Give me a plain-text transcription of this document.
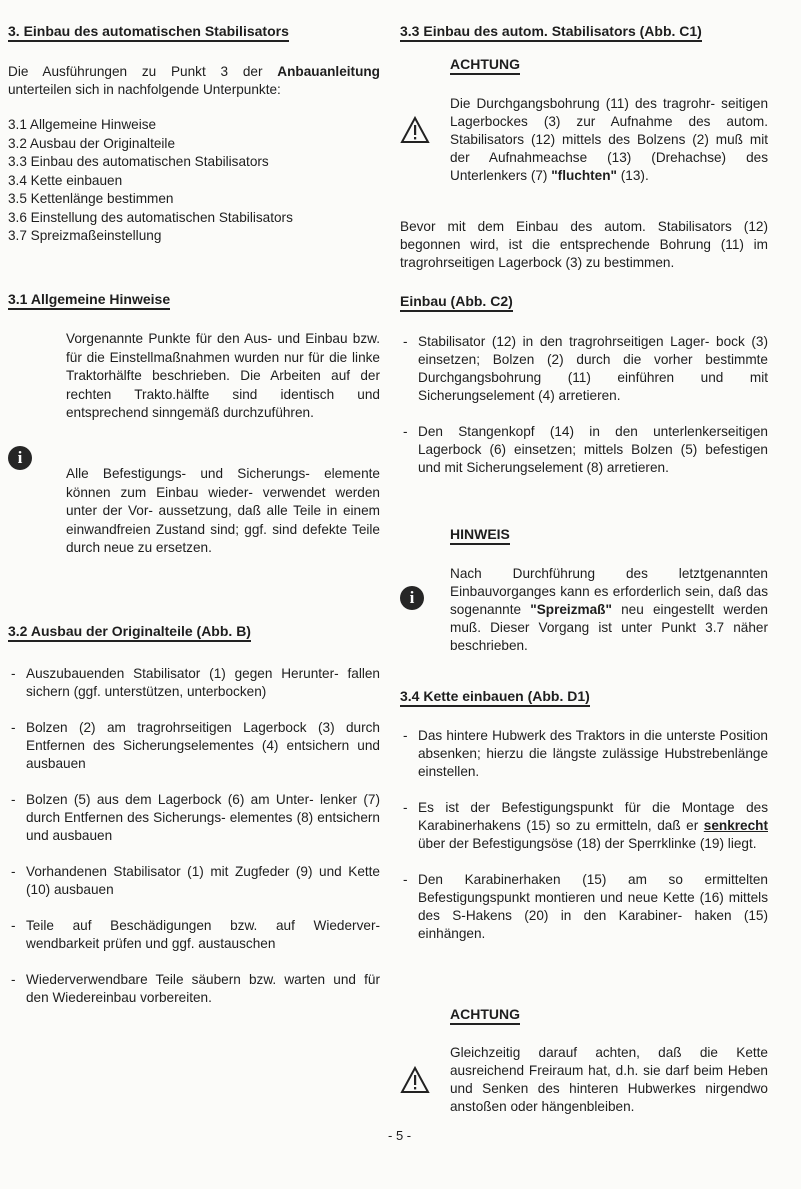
3. Einbau des automatischen Stabilisators

Die Ausführungen zu Punkt 3 der Anbauanleitung unterteilen sich in nachfolgende Unterpunkte:

3.1 Allgemeine Hinweise

3.2 Ausbau der Originalteile

3.3 Einbau des automatischen Stabilisators

3.4 Kette einbauen

3.5 Kettenlänge bestimmen

3.6 Einstellung des automatischen Stabilisators

3.7 Spreizmaßeinstellung

3.1 Allgemeine Hinweise

Vorgenannte Punkte für den Aus- und Einbau bzw. für die Einstellmaßnahmen wurden nur für die linke Traktorhälfte beschrieben. Die Arbeiten auf der rechten Trakto.hälfte sind identisch und entsprechend sinngemäß durchzuführen.

i

Alle Befestigungs- und Sicherungs- elemente können zum Einbau wieder- verwendet werden unter der Vor- aussetzung, daß alle Teile in einem einwandfreien Zustand sind; ggf. sind defekte Teile durch neue zu ersetzen.

3.2 Ausbau der Originalteile (Abb. B)

- Auszubauenden Stabilisator (1) gegen Herunter- fallen sichern (ggf. unterstützen, unterbocken)

- Bolzen (2) am tragrohrseitigen Lagerbock (3) durch Entfernen des Sicherungselementes (4) entsichern und ausbauen

- Bolzen (5) aus dem Lagerbock (6) am Unter- lenker (7) durch Entfernen des Sicherungs- elementes (8) entsichern und ausbauen

- Vorhandenen Stabilisator (1) mit Zugfeder (9) und Kette (10) ausbauen

- Teile auf Beschädigungen bzw. auf Wiederver- wendbarkeit prüfen und ggf. austauschen

- Wiederverwendbare Teile säubern bzw. warten und für den Wiedereinbau vorbereiten.

3.3 Einbau des autom. Stabilisators (Abb. C1)
ACHTUNG

Die Durchgangsbohrung (11) des tragrohr- seitigen Lagerbockes (3) zur Aufnahme des autom. Stabilisators (12) mittels des Bolzens (2) muß mit der Aufnahmeachse (13) (Drehachse) des Unterlenkers (7) "fluchten" (13).

Bevor mit dem Einbau des autom. Stabilisators (12) begonnen wird, ist die entsprechende Bohrung (11) im tragrohrseitigen Lagerbock (3) zu bestimmen.

Einbau (Abb. C2)

- Stabilisator (12) in den tragrohrseitigen Lager- bock (3) einsetzen; Bolzen (2) durch die vorher bestimmte Durchgangsbohrung (11) einführen und mit Sicherungselement (4) arretieren.

- Den Stangenkopf (14) in den unterlenkerseitigen Lagerbock (6) einsetzen; mittels Bolzen (5) befestigen und mit Sicherungselement (8) arretieren.

HINWEIS
i

Nach Durchführung des letztgenannten Einbauvorganges kann es erforderlich sein, daß das sogenannte "Spreizmaß" neu eingestellt werden muß. Dieser Vorgang ist unter Punkt 3.7 näher beschrieben.

3.4 Kette einbauen (Abb. D1)

- Das hintere Hubwerk des Traktors in die unterste Position absenken; hierzu die längste zulässige Hubstrebenlänge einstellen.

- Es ist der Befestigungspunkt für die Montage des Karabinerhakens (15) so zu ermitteln, daß er senkrecht über der Befestigungsöse (18) der Sperrklinke (19) liegt.

- Den Karabinerhaken (15) am so ermittelten Befestigungspunkt montieren und neue Kette (16) mittels des S-Hakens (20) in den Karabiner- haken (15) einhängen.

ACHTUNG

Gleichzeitig darauf achten, daß die Kette ausreichend Freiraum hat, d.h. sie darf beim Heben und Senken des hinteren Hubwerkes nirgendwo anstoßen oder hängenbleiben.

- 5 -
